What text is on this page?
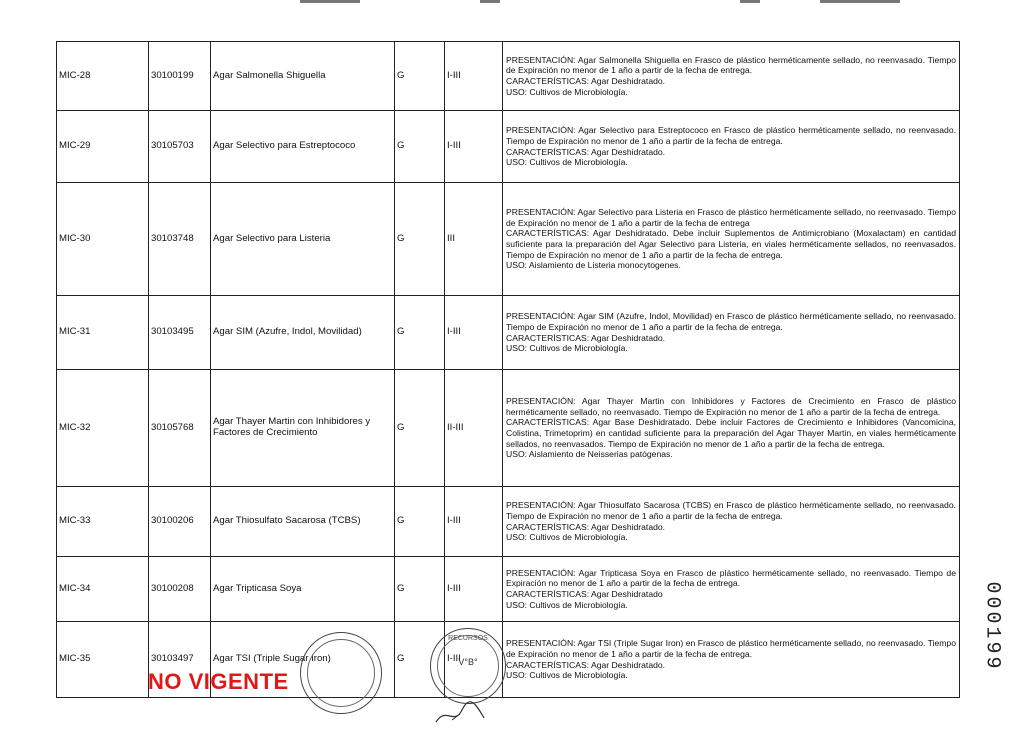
MIC-28	30100199	Agar Salmonella Shiguella	G	I-III	PRESENTACIÓN: Agar Salmonella Shiguella en Frasco de plástico herméticamente sellado, no reenvasado. Tiempo de Expiración no menor de 1 año a partir de la fecha de entrega.
CARACTERÍSTICAS: Agar Deshidratado.
USO: Cultivos de Microbiología.

MIC-29	30105703	Agar Selectivo para Estreptococo	G	I-III	PRESENTACIÓN: Agar Selectivo para Estreptococo en Frasco de plástico herméticamente sellado, no reenvasado. Tiempo de Expiración no menor de 1 año a partir de la fecha de entrega.
CARACTERÍSTICAS: Agar Deshidratado.
USO: Cultivos de Microbiología.

MIC-30	30103748	Agar Selectivo para Listeria	G	III	PRESENTACIÓN: Agar Selectivo para Listeria en Frasco de plástico herméticamente sellado, no reenvasado. Tiempo de Expiración no menor de 1 año a partir de la fecha de entrega
CARACTERÍSTICAS: Agar Deshidratado. Debe incluir Suplementos de Antimicrobiano (Moxalactam) en cantidad suficiente para la preparación del Agar Selectivo para Listeria, en viales herméticamente sellados, no reenvasados. Tiempo de Expiración no menor de 1 año a partir de la fecha de entrega.
USO: Aislamiento de Listeria monocytogenes.

MIC-31	30103495	Agar SIM (Azufre, Indol, Movilidad)	G	I-III	PRESENTACIÓN: Agar SIM (Azufre, Indol, Movilidad) en Frasco de plástico herméticamente sellado, no reenvasado. Tiempo de Expiración no menor de 1 año a partir de la fecha de entrega.
CARACTERÍSTICAS: Agar Deshidratado.
USO: Cultivos de Microbiología.

MIC-32	30105768	Agar Thayer Martin con Inhibidores y Factores de Crecimiento	G	II-III	PRESENTACIÓN: Agar Thayer Martin con Inhibidores y Factores de Crecimiento en Frasco de plástico herméticamente sellado, no reenvasado. Tiempo de Expiración no menor de 1 año a partir de la fecha de entrega.
CARACTERÍSTICAS: Agar Base Deshidratado. Debe incluir Factores de Crecimiento e Inhibidores (Vancomicina, Colistina, Trimetoprim) en cantidad suficiente para la preparación del Agar Thayer Martin, en viales herméticamente sellados, no reenvasados. Tiempo de Expiración no menor de 1 año a partir de la fecha de entrega.
USO: Aislamiento de Neisserias patógenas.

MIC-33	30100206	Agar Thiosulfato Sacarosa (TCBS)	G	I-III	PRESENTACIÓN: Agar Thiosulfato Sacarosa (TCBS) en Frasco de plástico herméticamente sellado, no reenvasado. Tiempo de Expiración no menor de 1 año a partir de la fecha de entrega.
CARACTERÍSTICAS: Agar Deshidratado.
USO: Cultivos de Microbiología.

MIC-34	30100208	Agar Tripticasa Soya	G	I-III	PRESENTACIÓN: Agar Tripticasa Soya en Frasco de plástico herméticamente sellado, no reenvasado. Tiempo de Expiración no menor de 1 año a partir de la fecha de entrega.
CARACTERÍSTICAS: Agar Deshidratado
USO: Cultivos de Microbiología.

MIC-35	30103497	Agar TSI (Triple Sugar Iron)	G	I-III	PRESENTACIÓN: Agar TSI (Triple Sugar Iron) en Frasco de plástico herméticamente sellado, no reenvasado. Tiempo de Expiración no menor de 1 año a partir de la fecha de entrega.
CARACTERÍSTICAS: Agar Deshidratado.
USO: Cultivos de Microbiología.
RECURSOS
V°B°
NO VIGENTE
000199
